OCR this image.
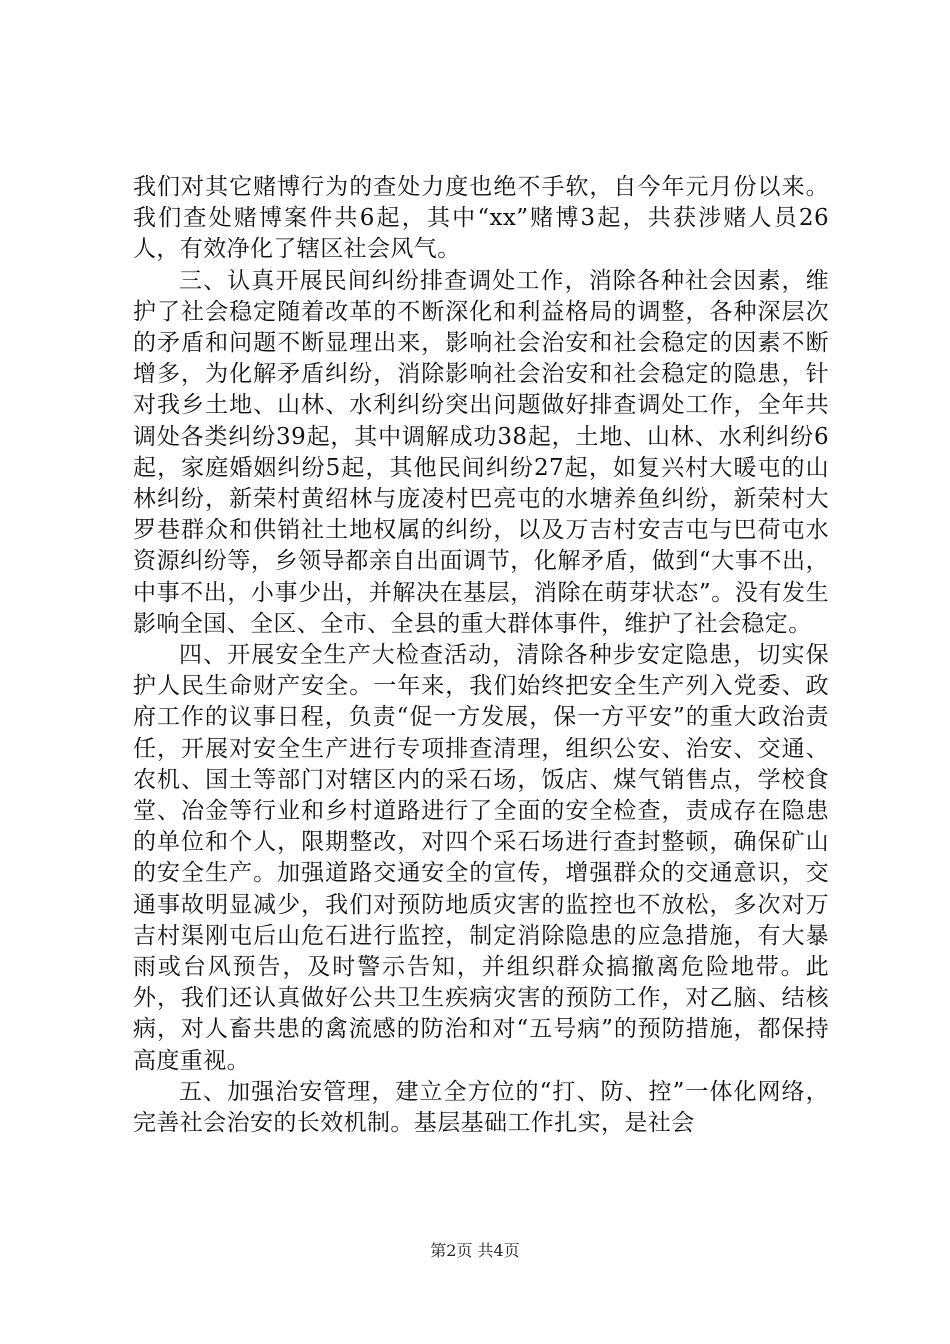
我们对其它赌博行为的查处力度也绝不手软，自今年元月份以来。我们查处赌博案件共6起，其中“xx”赌博3起，共获涉赌人员26人，有效净化了辖区社会风气。

三、认真开展民间纠纷排查调处工作，消除各种社会因素，维护了社会稳定随着改革的不断深化和利益格局的调整，各种深层次的矛盾和问题不断显理出来，影响社会治安和社会稳定的因素不断增多，为化解矛盾纠纷，消除影响社会治安和社会稳定的隐患，针对我乡土地、山林、水利纠纷突出问题做好排查调处工作，全年共调处各类纠纷39起，其中调解成功38起，土地、山林、水利纠纷6起，家庭婚姻纠纷5起，其他民间纠纷27起，如复兴村大暖屯的山林纠纷，新荣村黄绍林与庞凌村巴亮屯的水塘养鱼纠纷，新荣村大罗巷群众和供销社土地权属的纠纷，以及万吉村安吉屯与巴荷屯水资源纠纷等，乡领导都亲自出面调节，化解矛盾，做到“大事不出，中事不出，小事少出，并解决在基层，消除在萌芽状态”。没有发生影响全国、全区、全市、全县的重大群体事件，维护了社会稳定。

四、开展安全生产大检查活动，清除各种步安定隐患，切实保护人民生命财产安全。一年来，我们始终把安全生产列入党委、政府工作的议事日程，负责“促一方发展，保一方平安”的重大政治责任，开展对安全生产进行专项排查清理，组织公安、治安、交通、农机、国土等部门对辖区内的采石场，饭店、煤气销售点，学校食堂、冶金等行业和乡村道路进行了全面的安全检查，责成存在隐患的单位和个人，限期整改，对四个采石场进行查封整顿，确保矿山的安全生产。加强道路交通安全的宣传，增强群众的交通意识，交通事故明显减少，我们对预防地质灾害的监控也不放松，多次对万吉村渠刚屯后山危石进行监控，制定消除隐患的应急措施，有大暴雨或台风预告，及时警示告知，并组织群众搞撤离危险地带。此外，我们还认真做好公共卫生疾病灾害的预防工作，对乙脑、结核病，对人畜共患的禽流感的防治和对“五号病”的预防措施，都保持高度重视。

五、加强治安管理，建立全方位的“打、防、控”一体化网络，完善社会治安的长效机制。基层基础工作扎实，是社会

第2页 共4页
